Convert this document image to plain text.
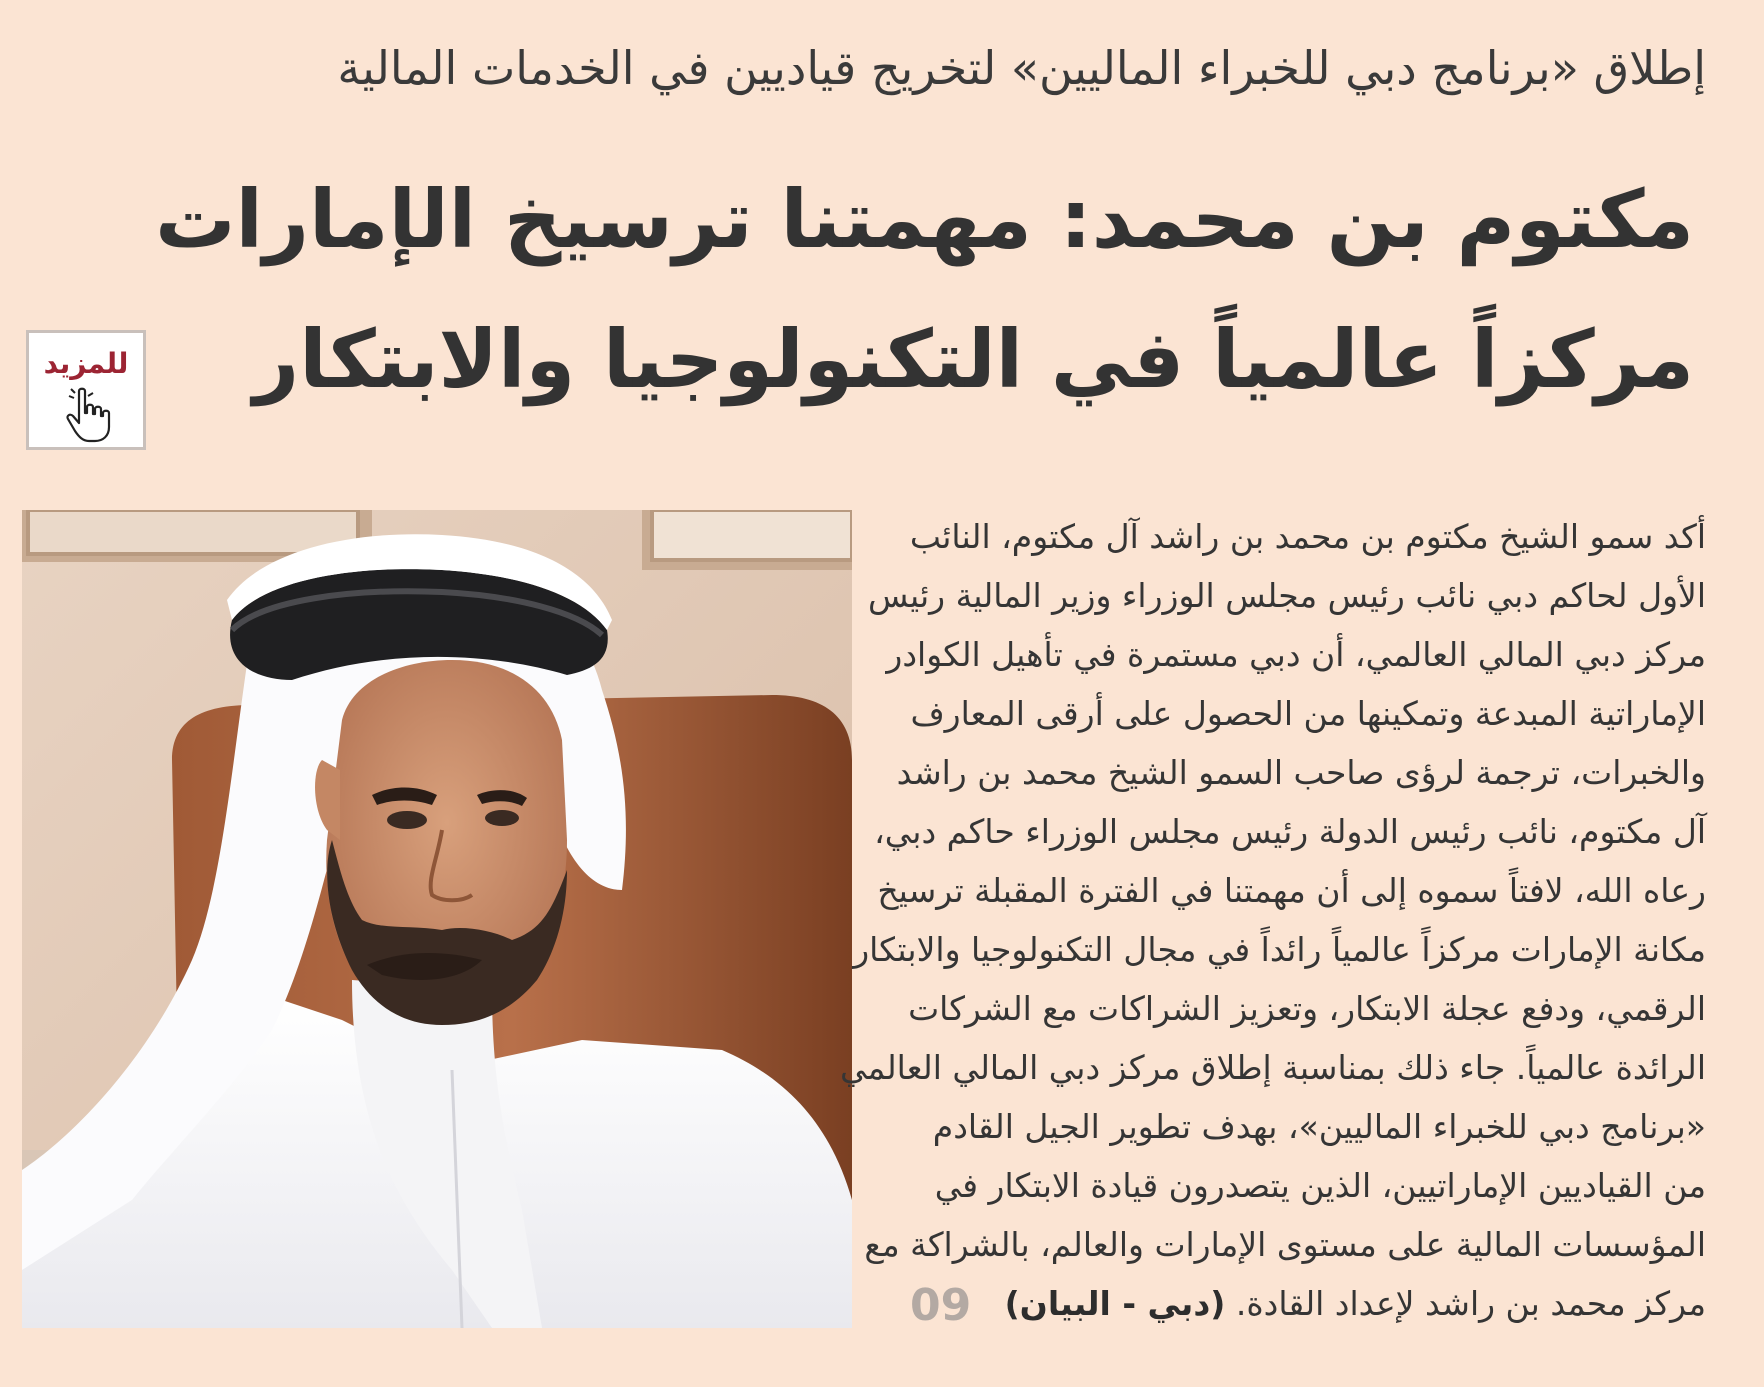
إطلاق «برنامج دبي للخبراء الماليين» لتخريج قياديين في الخدمات المالية
مكتوم بن محمد: مهمتنا ترسيخ الإمارات
مركزاً عالمياً في التكنولوجيا والابتكار
للمزيد
أكد سمو الشيخ مكتوم بن محمد بن راشد آل مكتوم، النائب
الأول لحاكم دبي نائب رئيس مجلس الوزراء وزير المالية رئيس
مركز دبي المالي العالمي، أن دبي مستمرة في تأهيل الكوادر
الإماراتية المبدعة وتمكينها من الحصول على أرقى المعارف
والخبرات، ترجمة لرؤى صاحب السمو الشيخ محمد بن راشد
آل مكتوم، نائب رئيس الدولة رئيس مجلس الوزراء حاكم دبي،
رعاه الله، لافتاً سموه إلى أن مهمتنا في الفترة المقبلة ترسيخ
مكانة الإمارات مركزاً عالمياً رائداً في مجال التكنولوجيا والابتكار
الرقمي، ودفع عجلة الابتكار، وتعزيز الشراكات مع الشركات
الرائدة عالمياً. جاء ذلك بمناسبة إطلاق مركز دبي المالي العالمي
«برنامج دبي للخبراء الماليين»، بهدف تطوير الجيل القادم
من القياديين الإماراتيين، الذين يتصدرون قيادة الابتكار في
المؤسسات المالية على مستوى الإمارات والعالم، بالشراكة مع
مركز محمد بن راشد لإعداد القادة. (دبي - البيان)
09
